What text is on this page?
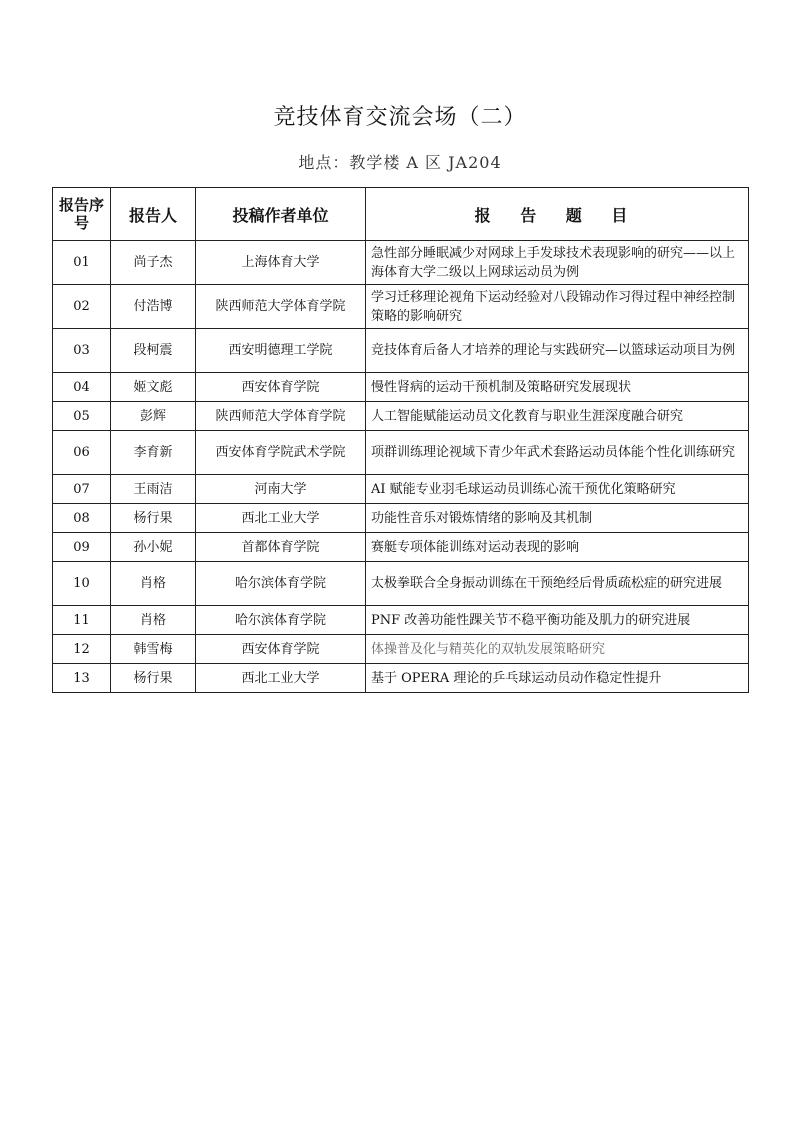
竞技体育交流会场（二）
地点：教学楼 A 区 JA204
报告序号	报告人	投稿作者单位	报 告 题 目
01	尚子杰	上海体育大学	急性部分睡眠减少对网球上手发球技术表现影响的研究——以上海体育大学二级以上网球运动员为例
02	付浩博	陕西师范大学体育学院	学习迁移理论视角下运动经验对八段锦动作习得过程中神经控制策略的影响研究
03	段柯震	西安明德理工学院	竞技体育后备人才培养的理论与实践研究—以篮球运动项目为例
04	姬文彪	西安体育学院	慢性肾病的运动干预机制及策略研究发展现状
05	彭辉	陕西师范大学体育学院	人工智能赋能运动员文化教育与职业生涯深度融合研究
06	李育新	西安体育学院武术学院	项群训练理论视域下青少年武术套路运动员体能个性化训练研究
07	王雨洁	河南大学	AI 赋能专业羽毛球运动员训练心流干预优化策略研究
08	杨行果	西北工业大学	功能性音乐对锻炼情绪的影响及其机制
09	孙小妮	首都体育学院	赛艇专项体能训练对运动表现的影响
10	肖格	哈尔滨体育学院	太极拳联合全身振动训练在干预绝经后骨质疏松症的研究进展
11	肖格	哈尔滨体育学院	PNF 改善功能性踝关节不稳平衡功能及肌力的研究进展
12	韩雪梅	西安体育学院	体操普及化与精英化的双轨发展策略研究
13	杨行果	西北工业大学	基于 OPERA 理论的乒乓球运动员动作稳定性提升
